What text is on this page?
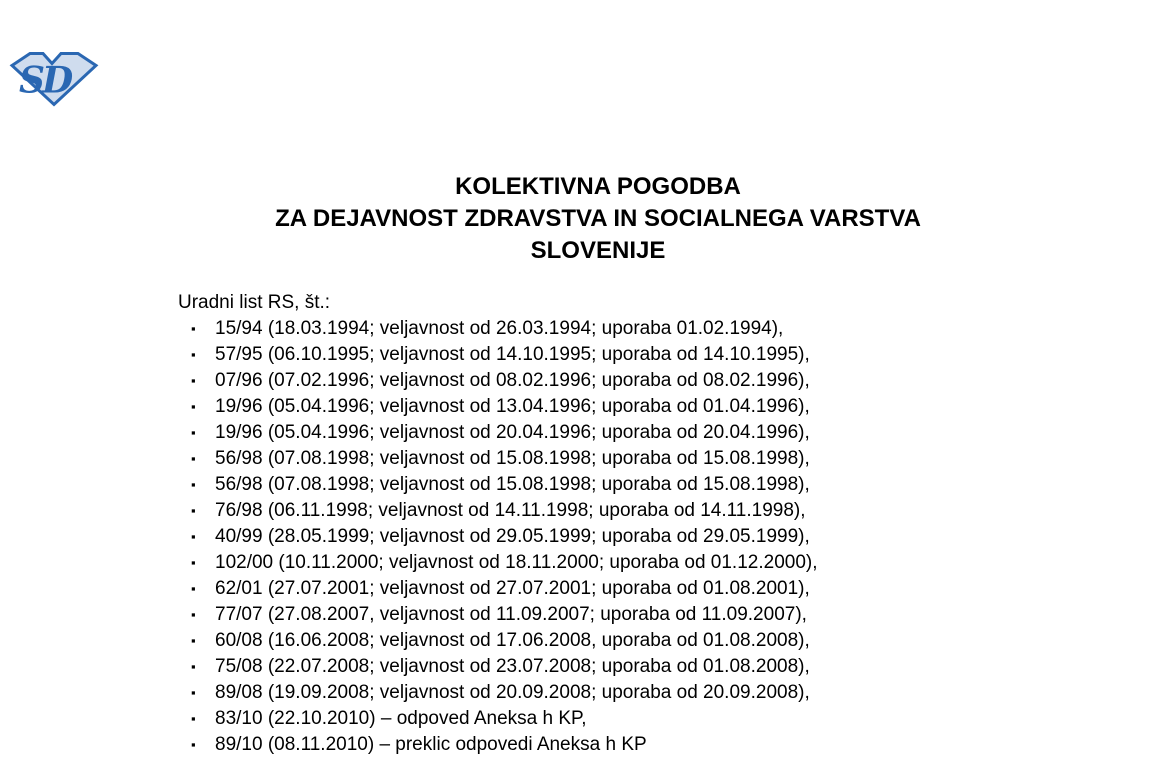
SD
KOLEKTIVNA POGODBA
ZA DEJAVNOST ZDRAVSTVA IN SOCIALNEGA VARSTVA
SLOVENIJE
Uradni list RS, št.:
▪ 15/94 (18.03.1994; veljavnost od 26.03.1994; uporaba 01.02.1994),
▪ 57/95 (06.10.1995; veljavnost od 14.10.1995; uporaba od 14.10.1995),
▪ 07/96 (07.02.1996; veljavnost od 08.02.1996; uporaba od 08.02.1996),
▪ 19/96 (05.04.1996; veljavnost od 13.04.1996; uporaba od 01.04.1996),
▪ 19/96 (05.04.1996; veljavnost od 20.04.1996; uporaba od 20.04.1996),
▪ 56/98 (07.08.1998; veljavnost od 15.08.1998; uporaba od 15.08.1998),
▪ 56/98 (07.08.1998; veljavnost od 15.08.1998; uporaba od 15.08.1998),
▪ 76/98 (06.11.1998; veljavnost od 14.11.1998; uporaba od 14.11.1998),
▪ 40/99 (28.05.1999; veljavnost od 29.05.1999; uporaba od 29.05.1999),
▪ 102/00 (10.11.2000; veljavnost od 18.11.2000; uporaba od 01.12.2000),
▪ 62/01 (27.07.2001; veljavnost od 27.07.2001; uporaba od 01.08.2001),
▪ 77/07 (27.08.2007, veljavnost od 11.09.2007; uporaba od 11.09.2007),
▪ 60/08 (16.06.2008; veljavnost od 17.06.2008, uporaba od 01.08.2008),
▪ 75/08 (22.07.2008; veljavnost od 23.07.2008; uporaba od 01.08.2008),
▪ 89/08 (19.09.2008; veljavnost od 20.09.2008; uporaba od 20.09.2008),
▪ 83/10 (22.10.2010) – odpoved Aneksa h KP,
▪ 89/10 (08.11.2010) – preklic odpovedi Aneksa h KP
